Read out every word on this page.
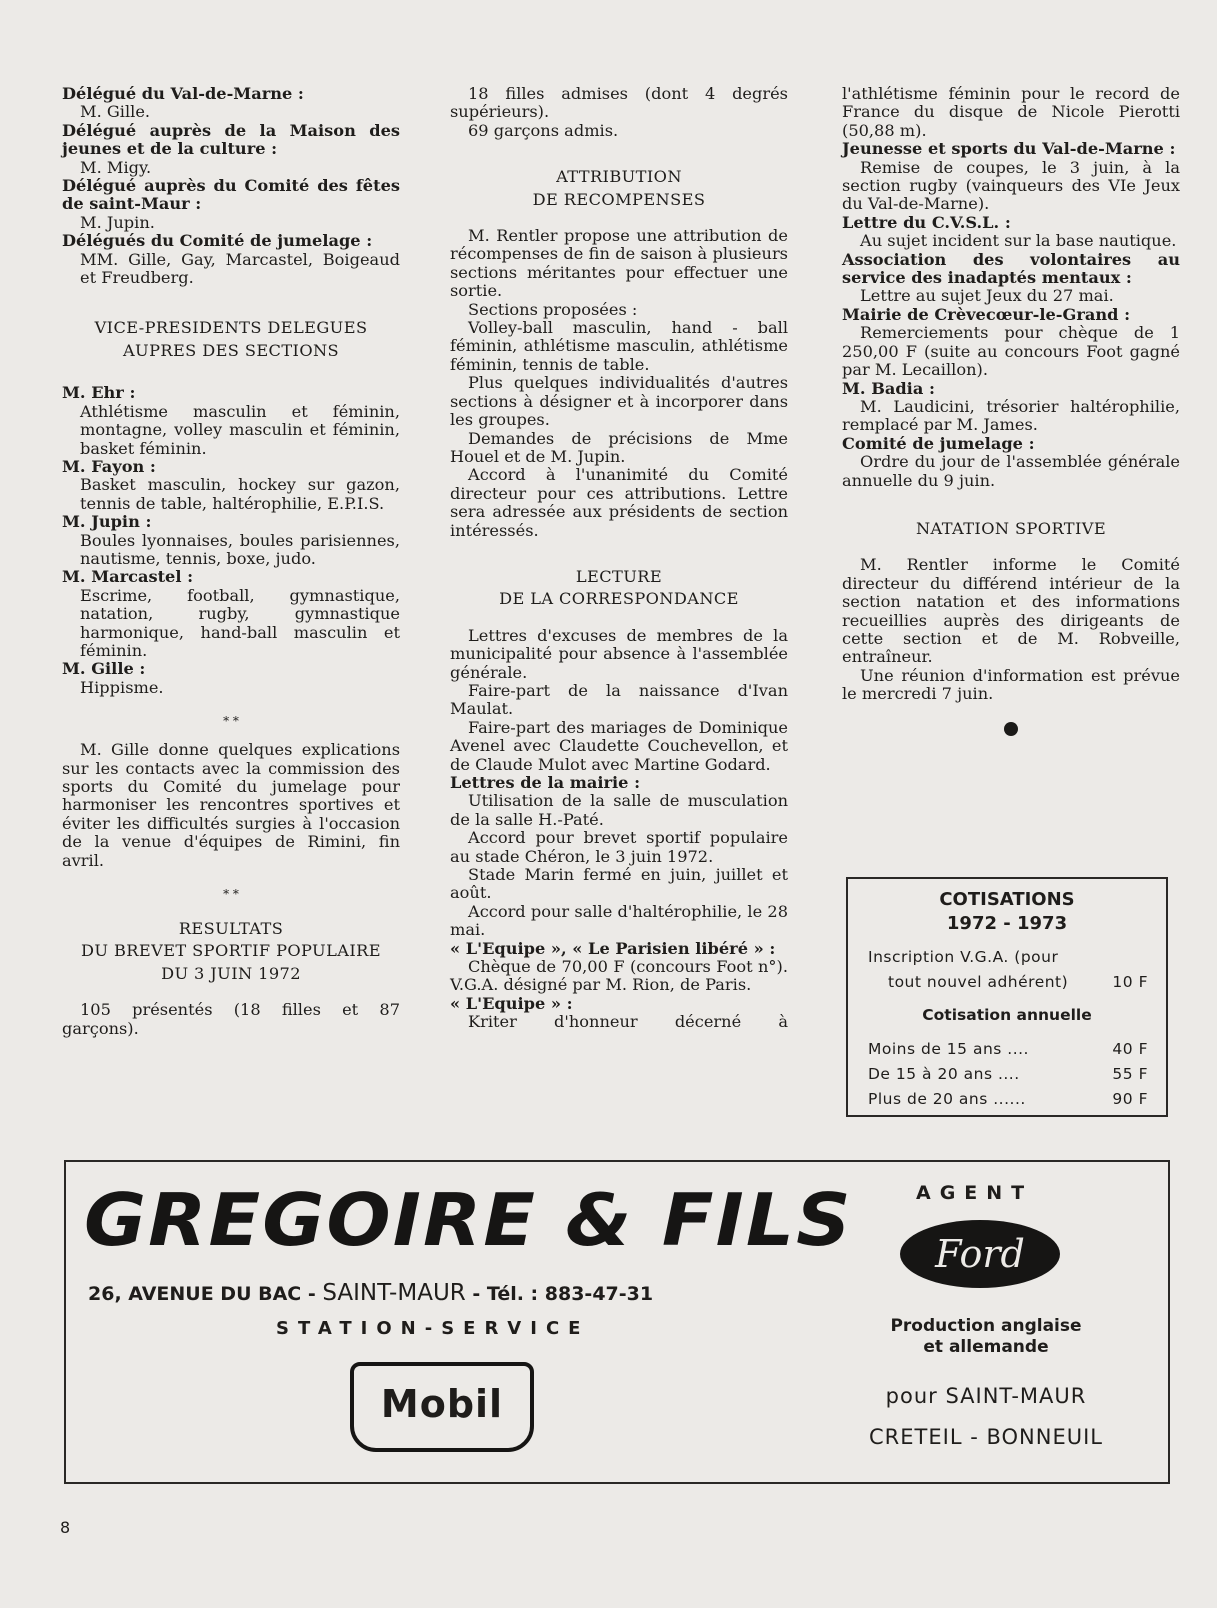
Délégué du Val-de-Marne :

M. Gille.

Délégué auprès de la Maison des jeunes et de la culture :

M. Migy.

Délégué auprès du Comité des fêtes de saint-Maur :

M. Jupin.

Délégués du Comité de jumelage :

MM. Gille, Gay, Marcastel, Boigeaud et Freudberg.

VICE-PRESIDENTS DELEGUES

AUPRES DES SECTIONS

M. Ehr :

Athlétisme masculin et féminin, montagne, volley masculin et féminin, basket féminin.

M. Fayon :

Basket masculin, hockey sur gazon, tennis de table, haltérophilie, E.P.I.S.

M. Jupin :

Boules lyonnaises, boules parisiennes, nautisme, tennis, boxe, judo.

M. Marcastel :

Escrime, football, gymnastique, natation, rugby, gymnastique harmonique, hand-ball masculin et féminin.

M. Gille :

Hippisme.

* *

M. Gille donne quelques explications sur les contacts avec la commission des sports du Comité du jumelage pour harmoniser les rencontres sportives et éviter les difficultés surgies à l'occasion de la venue d'équipes de Rimini, fin avril.

* *

RESULTATS

DU BREVET SPORTIF POPULAIRE

DU 3 JUIN 1972

105 présentés (18 filles et 87 garçons).

18 filles admises (dont 4 degrés supérieurs).

69 garçons admis.

ATTRIBUTION

DE RECOMPENSES

M. Rentler propose une attribution de récompenses de fin de saison à plusieurs sections méritantes pour effectuer une sortie.

Sections proposées :

Volley-ball masculin, hand - ball féminin, athlétisme masculin, athlétisme féminin, tennis de table.

Plus quelques individualités d'autres sections à désigner et à incorporer dans les groupes.

Demandes de précisions de Mme Houel et de M. Jupin.

Accord à l'unanimité du Comité directeur pour ces attributions. Lettre sera adressée aux présidents de section intéressés.

LECTURE

DE LA CORRESPONDANCE

Lettres d'excuses de membres de la municipalité pour absence à l'assemblée générale.

Faire-part de la naissance d'Ivan Maulat.

Faire-part des mariages de Dominique Avenel avec Claudette Couchevellon, et de Claude Mulot avec Martine Godard.

Lettres de la mairie :

Utilisation de la salle de musculation de la salle H.-Paté.

Accord pour brevet sportif populaire au stade Chéron, le 3 juin 1972.

Stade Marin fermé en juin, juillet et août.

Accord pour salle d'haltérophilie, le 28 mai.

« L'Equipe », « Le Parisien libéré » :

Chèque de 70,00 F (concours Foot n°). V.G.A. désigné par M. Rion, de Paris.

« L'Equipe » :

Kriter d'honneur décerné à

l'athlétisme féminin pour le record de France du disque de Nicole Pierotti (50,88 m).

Jeunesse et sports du Val-de-Marne :

Remise de coupes, le 3 juin, à la section rugby (vainqueurs des VIe Jeux du Val-de-Marne).

Lettre du C.V.S.L. :

Au sujet incident sur la base nautique.

Association des volontaires au service des inadaptés mentaux :

Lettre au sujet Jeux du 27 mai.

Mairie de Crèvecœur-le-Grand :

Remerciements pour chèque de 1 250,00 F (suite au concours Foot gagné par M. Lecaillon).

M. Badia :

M. Laudicini, trésorier haltérophilie, remplacé par M. James.

Comité de jumelage :

Ordre du jour de l'assemblée générale annuelle du 9 juin.

NATATION SPORTIVE

M. Rentler informe le Comité directeur du différend intérieur de la section natation et des informations recueillies auprès des dirigeants de cette section et de M. Robveille, entraîneur.

Une réunion d'information est prévue le mercredi 7 juin.

COTISATIONS
1972 - 1973
Inscription V.G.A. (pour
tout nouvel adhérent)	10 F
Cotisation annuelle
Moins de 15 ans ....	40 F
De 15 à 20 ans ....	55 F
Plus de 20 ans ......	90 F
GREGOIRE & FILS
26, AVENUE DU BAC - SAINT-MAUR - Tél. : 883-47-31
STATION-SERVICE
Mobil
AGENT
Ford
Production anglaise
et allemande
pour SAINT-MAUR
CRETEIL - BONNEUIL
8
